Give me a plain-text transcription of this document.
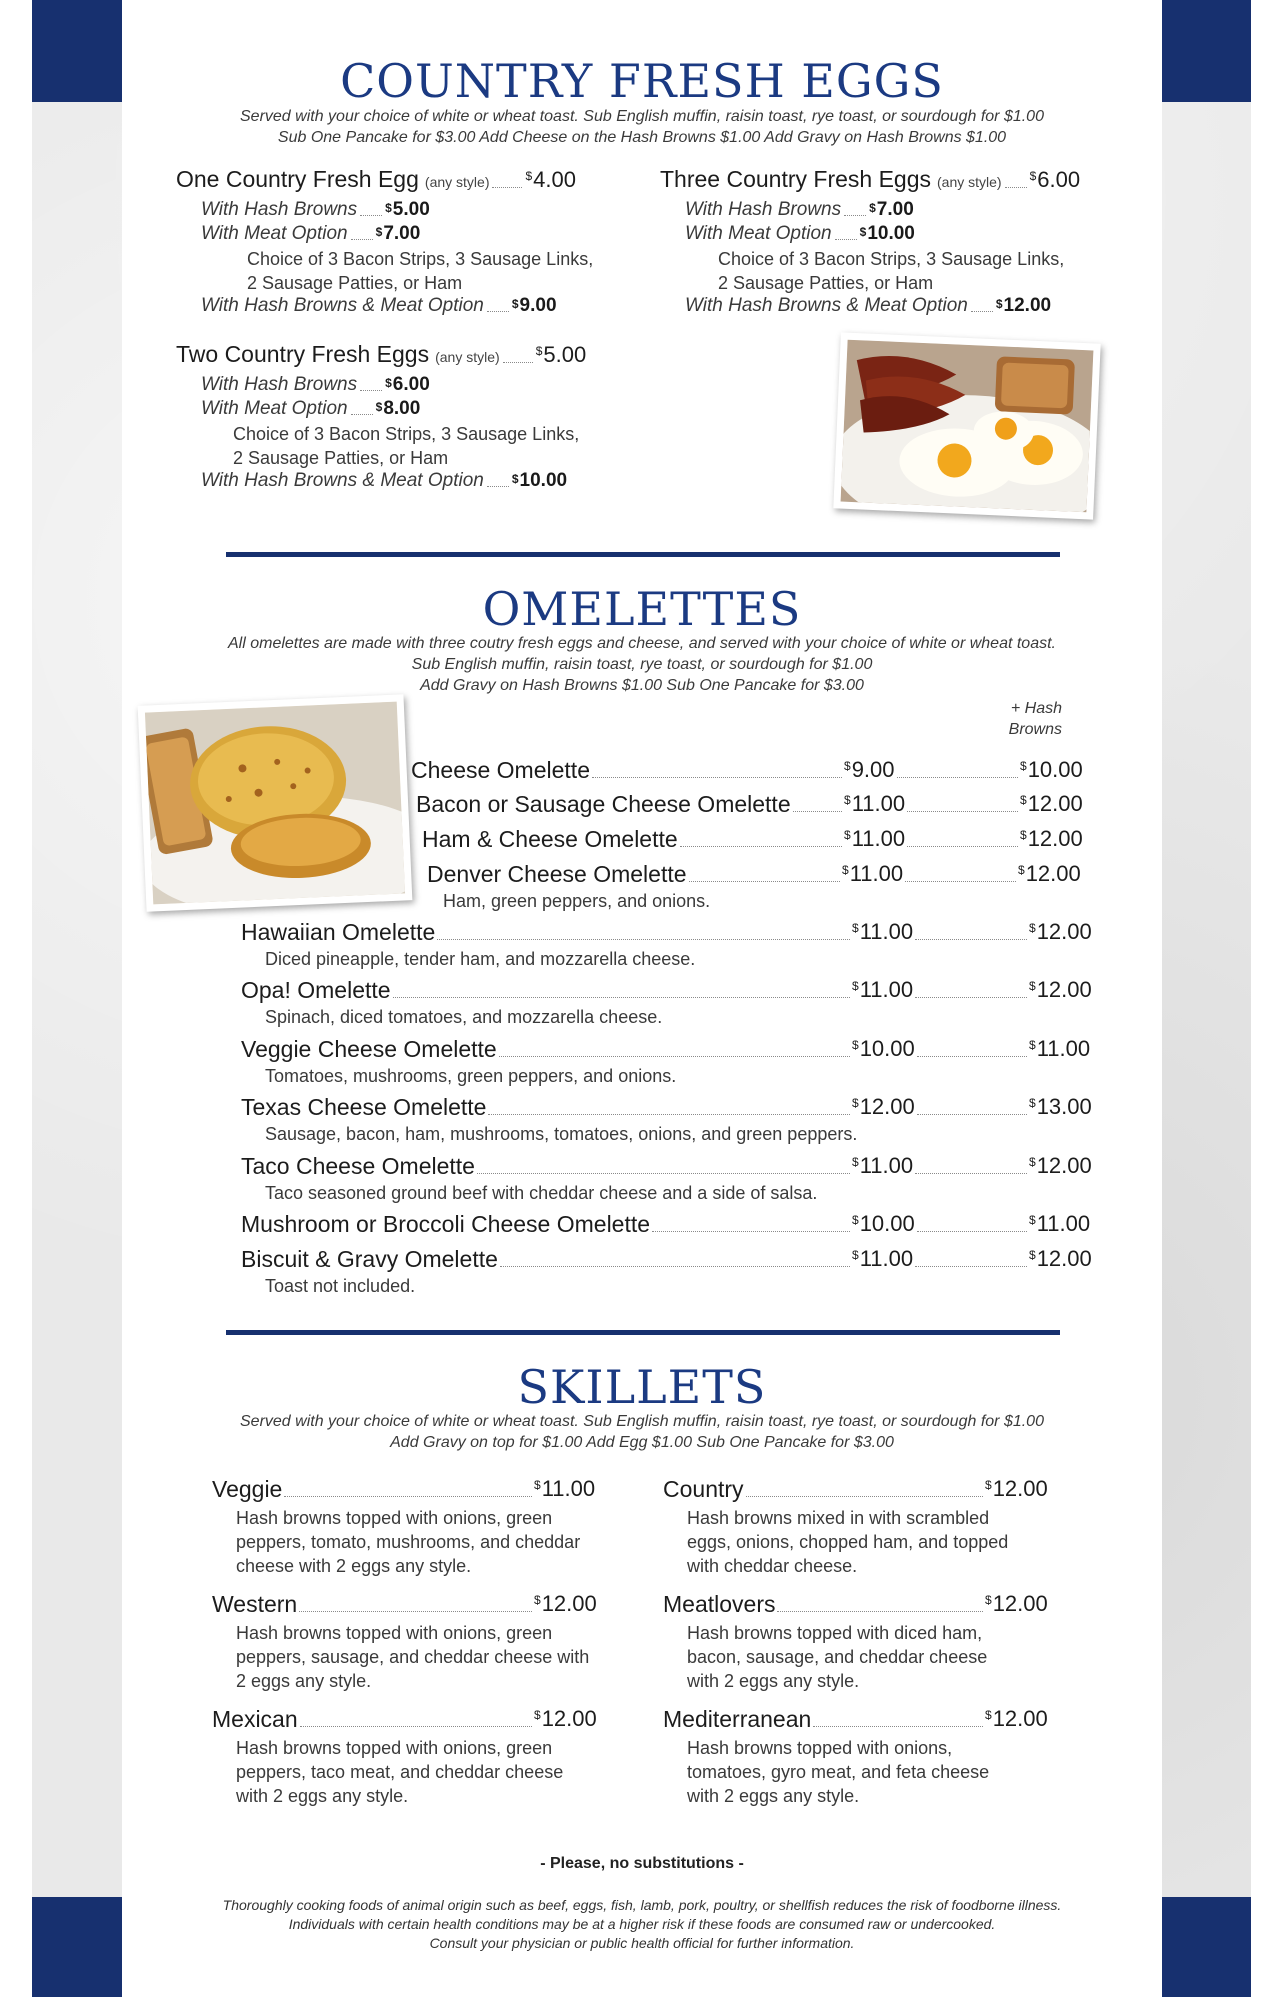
COUNTRY FRESH EGGS
Served with your choice of white or wheat toast. Sub English muffin, raisin toast, rye toast, or sourdough for $1.00
Sub One Pancake for $3.00 Add Cheese on the Hash Browns $1.00 Add Gravy on Hash Browns $1.00
One Country Fresh Egg (any style)	$4.00
With Hash Browns $5.00
With Meat Option $7.00
Choice of 3 Bacon Strips, 3 Sausage Links,
2 Sausage Patties, or Ham
With Hash Browns & Meat Option $9.00
Three Country Fresh Eggs (any style) $6.00
With Hash Browns $7.00
With Meat Option $10.00
Choice of 3 Bacon Strips, 3 Sausage Links,
2 Sausage Patties, or Ham
With Hash Browns & Meat Option $12.00
Two Country Fresh Eggs (any style)	$5.00
With Hash Browns $6.00
With Meat Option $8.00
Choice of 3 Bacon Strips, 3 Sausage Links,
2 Sausage Patties, or Ham
With Hash Browns & Meat Option $10.00
OMELETTES
All omelettes are made with three coutry fresh eggs and cheese, and served with your choice of white or wheat toast.
Sub English muffin, raisin toast, rye toast, or sourdough for $1.00
Add Gravy on Hash Browns $1.00 Sub One Pancake for $3.00
+ Hash
Browns
Cheese Omelette	$9.00	$10.00
Bacon or Sausage Cheese Omelette	$11.00	$12.00
Ham & Cheese Omelette	$11.00	$12.00
Denver Cheese Omelette	$11.00	$12.00
Ham, green peppers, and onions.
Hawaiian Omelette	$11.00	$12.00
Diced pineapple, tender ham, and mozzarella cheese.
Opa! Omelette	$11.00	$12.00
Spinach, diced tomatoes, and mozzarella cheese.
Veggie Cheese Omelette	$10.00	$11.00
Tomatoes, mushrooms, green peppers, and onions.
Texas Cheese Omelette	$12.00	$13.00
Sausage, bacon, ham, mushrooms, tomatoes, onions, and green peppers.
Taco Cheese Omelette	$11.00	$12.00
Taco seasoned ground beef with cheddar cheese and a side of salsa.
Mushroom or Broccoli Cheese Omelette	$10.00	$11.00
Biscuit & Gravy Omelette	$11.00	$12.00
Toast not included.
SKILLETS
Served with your choice of white or wheat toast. Sub English muffin, raisin toast, rye toast, or sourdough for $1.00
Add Gravy on top for $1.00 Add Egg $1.00 Sub One Pancake for $3.00
Veggie	$11.00
Hash browns topped with onions, green peppers, tomato, mushrooms, and cheddar cheese with 2 eggs any style.
Country	$12.00
Hash browns mixed in with scrambled eggs, onions, chopped ham, and topped with cheddar cheese.
Western	$12.00
Hash browns topped with onions, green peppers, sausage, and cheddar cheese with 2 eggs any style.
Meatlovers	$12.00
Hash browns topped with diced ham, bacon, sausage, and cheddar cheese with 2 eggs any style.
Mexican	$12.00
Hash browns topped with onions, green peppers, taco meat, and cheddar cheese with 2 eggs any style.
Mediterranean	$12.00
Hash browns topped with onions, tomatoes, gyro meat, and feta cheese with 2 eggs any style.
- Please, no substitutions -
Thoroughly cooking foods of animal origin such as beef, eggs, fish, lamb, pork, poultry, or shellfish reduces the risk of foodborne illness.
Individuals with certain health conditions may be at a higher risk if these foods are consumed raw or undercooked.
Consult your physician or public health official for further information.
